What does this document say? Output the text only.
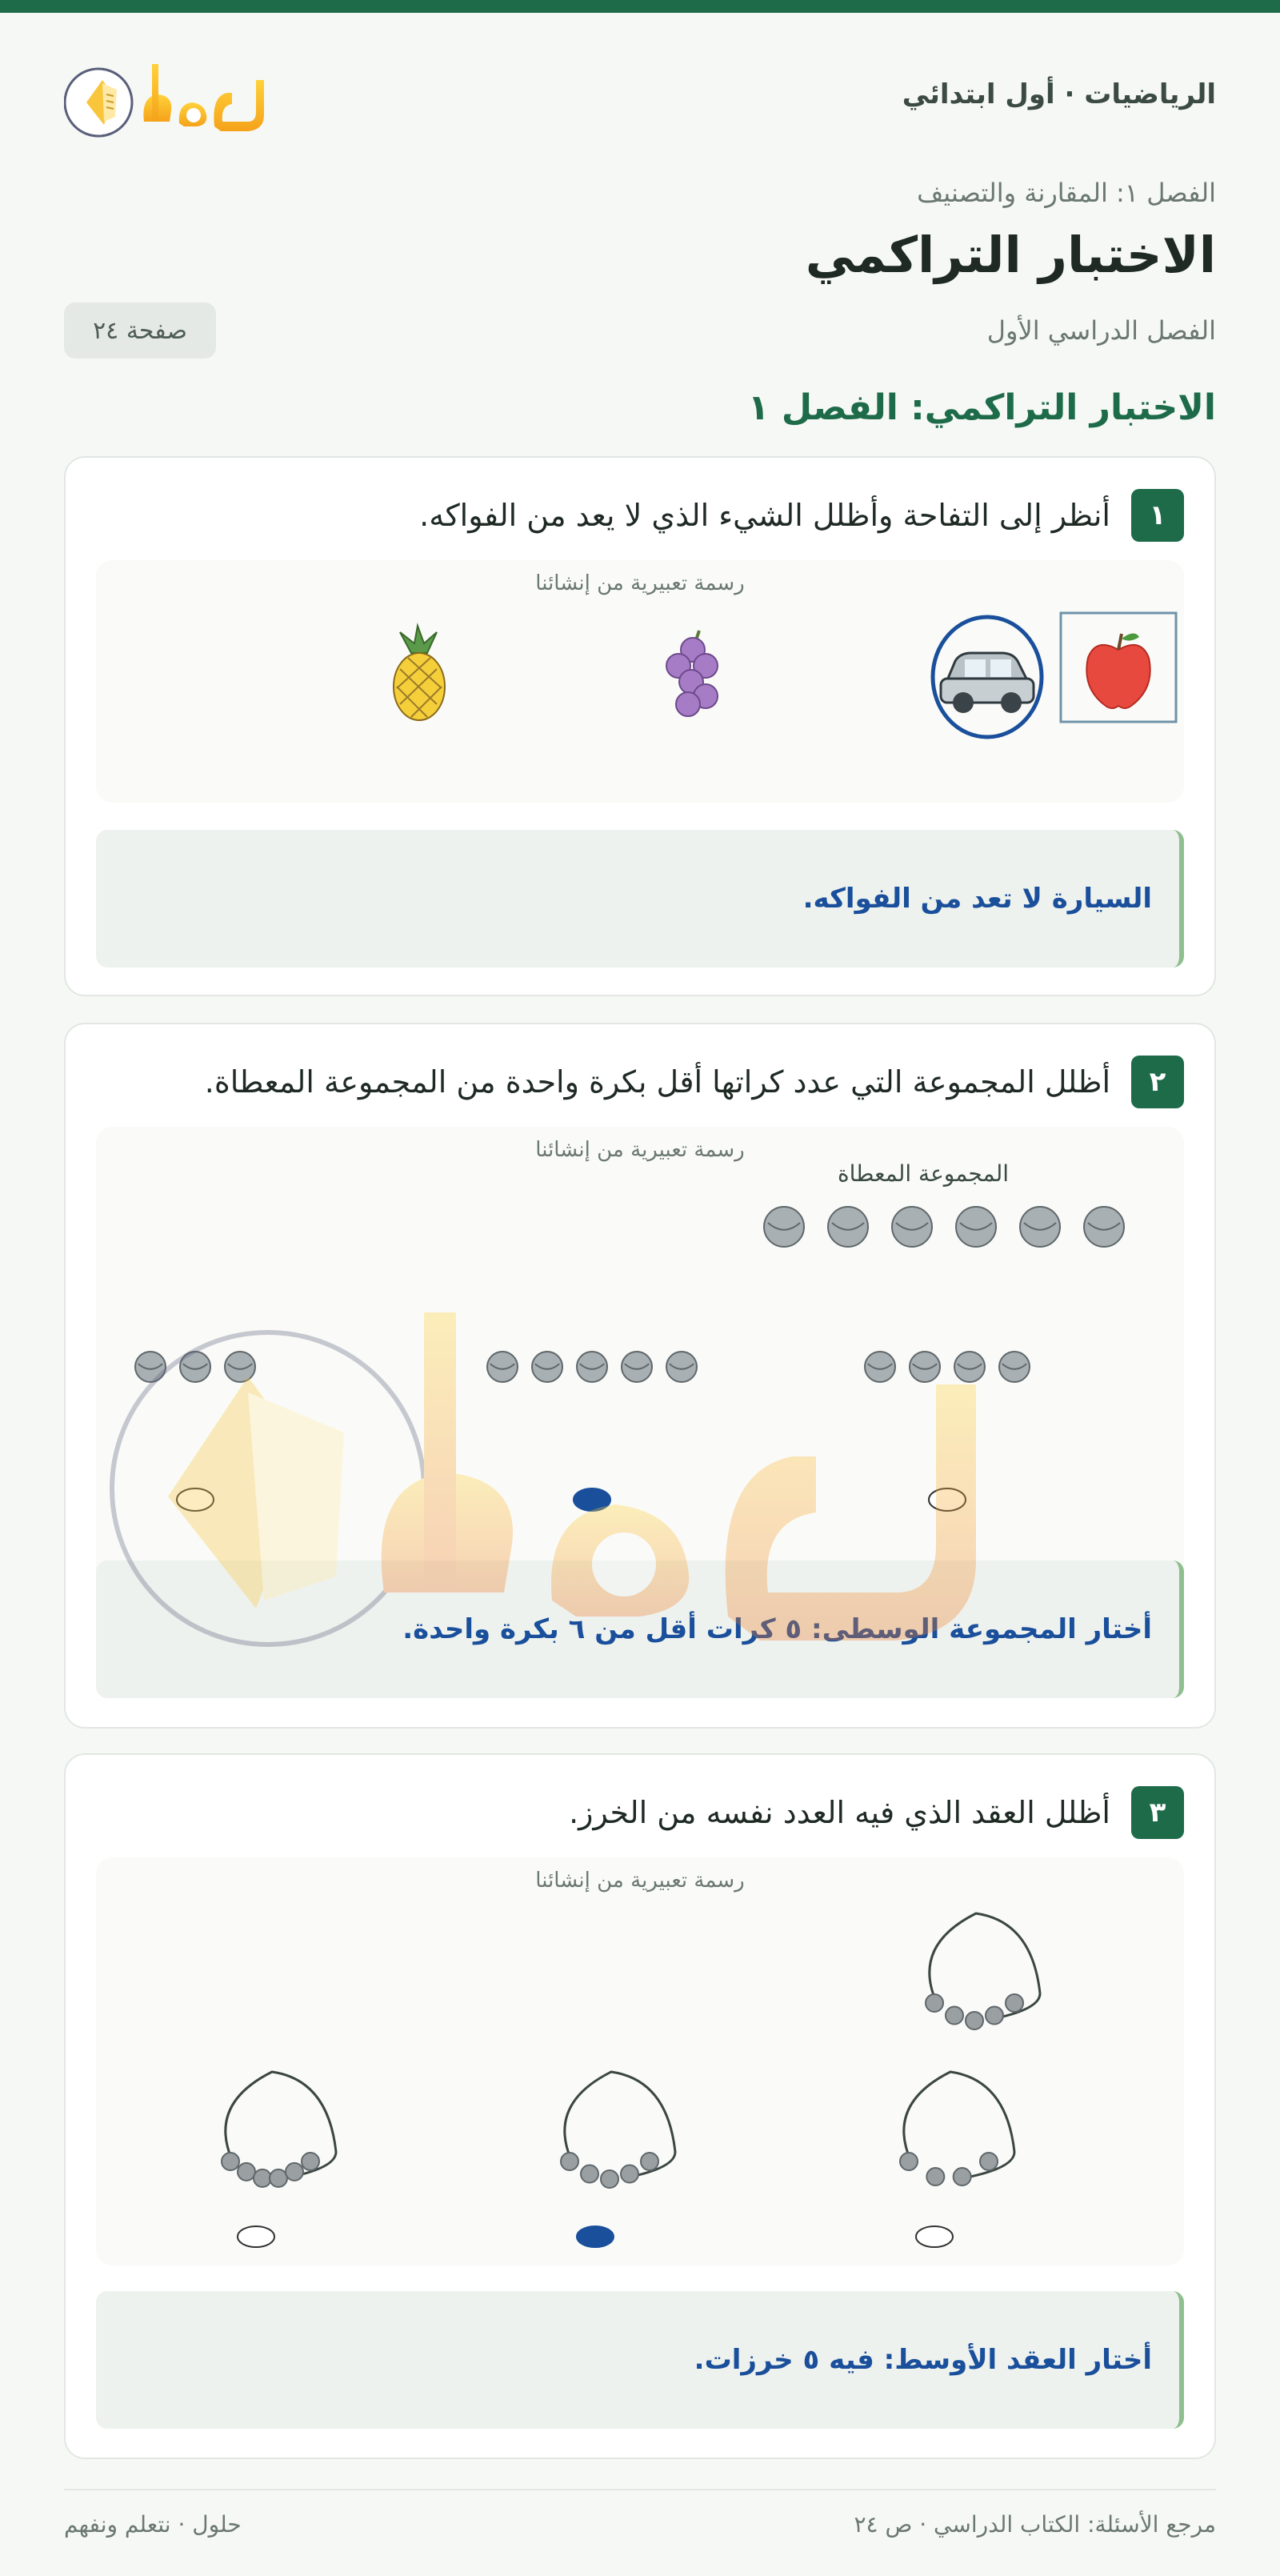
الرياضيات · أول ابتدائي
الفصل ١: المقارنة والتصنيف
الاختبار التراكمي
الفصل الدراسي الأول
صفحة ٢٤
الاختبار التراكمي: الفصل ١
١
أنظر إلى التفاحة وأظلل الشيء الذي لا يعد من الفواكه.
رسمة تعبيرية من إنشائنا
السيارة لا تعد من الفواكه.
٢
أظلل المجموعة التي عدد كراتها أقل بكرة واحدة من المجموعة المعطاة.
رسمة تعبيرية من إنشائنا
المجموعة المعطاة
أختار المجموعة الوسطى: ٥ كرات أقل من ٦ بكرة واحدة.
٣
أظلل العقد الذي فيه العدد نفسه من الخرز.
رسمة تعبيرية من إنشائنا
أختار العقد الأوسط: فيه ٥ خرزات.
مرجع الأسئلة: الكتاب الدراسي · ص ٢٤
حلول · نتعلم ونفهم
